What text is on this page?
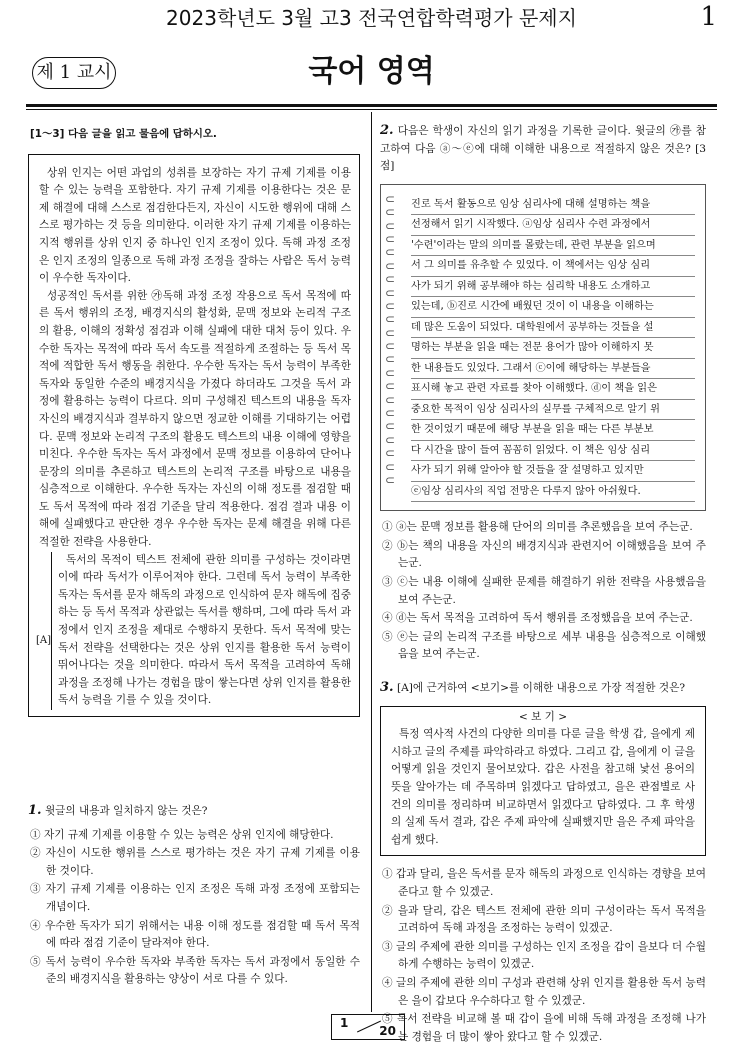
2023학년도 3월 고3 전국연합학력평가 문제지	1
제 1 교시	국어 영역
[1～3] 다음 글을 읽고 물음에 답하시오.

상위 인지는 어떤 과업의 성취를 보장하는 자기 규제 기제를 이용할 수 있는 능력을 포함한다. 자기 규제 기제를 이용한다는 것은 문제 해결에 대해 스스로 점검한다든지, 자신이 시도한 행위에 대해 스스로 평가하는 것 등을 의미한다. 이러한 자기 규제 기제를 이용하는 지적 행위를 상위 인지 중 하나인 인지 조정이 있다. 독해 과정 조정은 인지 조정의 일종으로 독해 과정 조정을 잘하는 사람은 독서 능력이 우수한 독자이다.

성공적인 독서를 위한 ㉮독해 과정 조정 작용으로 독서 목적에 따른 독서 행위의 조정, 배경지식의 활성화, 문맥 정보와 논리적 구조의 활용, 이해의 정확성 점검과 이해 실패에 대한 대처 등이 있다. 우수한 독자는 목적에 따라 독서 속도를 적절하게 조절하는 등 독서 목적에 적합한 독서 행동을 취한다. 우수한 독자는 독서 능력이 부족한 독자와 동일한 수준의 배경지식을 가졌다 하더라도 그것을 독서 과정에 활용하는 능력이 다르다. 의미 구성해진 텍스트의 내용을 독자 자신의 배경지식과 결부하지 않으면 정교한 이해를 기대하기는 어렵다. 문맥 정보와 논리적 구조의 활용도 텍스트의 내용 이해에 영향을 미친다. 우수한 독자는 독서 과정에서 문맥 정보를 이용하여 단어나 문장의 의미를 추론하고 텍스트의 논리적 구조를 바탕으로 내용을 심층적으로 이해한다. 우수한 독자는 자신의 이해 정도를 점검할 때도 독서 목적에 따라 점검 기준을 달리 적용한다. 점검 결과 내용 이해에 실패했다고 판단한 경우 우수한 독자는 문제 해결을 위해 다른 적절한 전략을 사용한다.

[A]

독서의 목적이 텍스트 전체에 관한 의미를 구성하는 것이라면 이에 따라 독서가 이루어져야 한다. 그런데 독서 능력이 부족한 독자는 독서를 문자 해독의 과정으로 인식하여 문자 해독에 집중하는 등 독서 목적과 상관없는 독서를 행하며, 그에 따라 독서 과정에서 인지 조정을 제대로 수행하지 못한다. 독서 목적에 맞는 독서 전략을 선택한다는 것은 상위 인지를 활용한 독서 능력이 뛰어나다는 것을 의미한다. 따라서 독서 목적을 고려하여 독해 과정을 조정해 나가는 경험을 많이 쌓는다면 상위 인지를 활용한 독서 능력을 기를 수 있을 것이다.

1. 윗글의 내용과 일치하지 않는 것은?

① 자기 규제 기제를 이용할 수 있는 능력은 상위 인지에 해당한다.

② 자신이 시도한 행위를 스스로 평가하는 것은 자기 규제 기제를 이용한 것이다.

③ 자기 규제 기제를 이용하는 인지 조정은 독해 과정 조정에 포함되는 개념이다.

④ 우수한 독자가 되기 위해서는 내용 이해 정도를 점검할 때 독서 목적에 따라 점검 기준이 달라져야 한다.

⑤ 독서 능력이 우수한 독자와 부족한 독자는 독서 과정에서 동일한 수준의 배경지식을 활용하는 양상이 서로 다를 수 있다.

2. 다음은 학생이 자신의 읽기 과정을 기록한 글이다. 윗글의 ㉮를 참고하여 다음 ⓐ～ⓔ에 대해 이해한 내용으로 적절하지 않은 것은? [3점]

⊂
⊂
⊂
⊂
⊂
⊂
⊂
⊂
⊂
⊂
⊂
⊂
⊂
⊂
⊂
⊂
⊂
⊂
⊂
⊂
⊂
⊂
진로 독서 활동으로 임상 심리사에 대해 설명하는 책을
선정해서 읽기 시작했다. ⓐ임상 심리사 수련 과정에서
'수련'이라는 말의 의미를 몰랐는데, 관련 부분을 읽으며
서 그 의미를 유추할 수 있었다. 이 책에서는 임상 심리
사가 되기 위해 공부해야 하는 심리학 내용도 소개하고
있는데, ⓑ진로 시간에 배웠던 것이 이 내용을 이해하는
데 많은 도움이 되었다. 대학원에서 공부하는 것들을 설
명하는 부분을 읽을 때는 전문 용어가 많아 이해하지 못
한 내용들도 있었다. 그래서 ⓒ이에 해당하는 부분들을
표시해 놓고 관련 자료를 찾아 이해했다. ⓓ이 책을 읽은
중요한 목적이 임상 심리사의 실무를 구체적으로 알기 위
한 것이었기 때문에 해당 부분을 읽을 때는 다른 부분보
다 시간을 많이 들여 꼼꼼히 읽었다. 이 책은 임상 심리
사가 되기 위해 알아야 할 것들을 잘 설명하고 있지만
ⓔ임상 심리사의 직업 전망은 다루지 않아 아쉬웠다.

① ⓐ는 문맥 정보를 활용해 단어의 의미를 추론했음을 보여 주는군.

② ⓑ는 책의 내용을 자신의 배경지식과 관련지어 이해했음을 보여 주는군.

③ ⓒ는 내용 이해에 실패한 문제를 해결하기 위한 전략을 사용했음을 보여 주는군.

④ ⓓ는 독서 목적을 고려하여 독서 행위를 조정했음을 보여 주는군.

⑤ ⓔ는 글의 논리적 구조를 바탕으로 세부 내용을 심층적으로 이해했음을 보여 주는군.

3. [A]에 근거하여 <보기>를 이해한 내용으로 가장 적절한 것은?

< 보 기 >
특정 역사적 사건의 다양한 의미를 다룬 글을 학생 갑, 을에게 제시하고 글의 주제를 파악하라고 하였다. 그리고 갑, 을에게 이 글을 어떻게 읽을 것인지 물어보았다. 갑은 사전을 참고해 낯선 용어의 뜻을 알아가는 데 주목하며 읽겠다고 답하였고, 을은 관점별로 사건의 의미를 정리하며 비교하면서 읽겠다고 답하였다. 그 후 학생의 실제 독서 결과, 갑은 주제 파악에 실패했지만 을은 주제 파악을 쉽게 했다.

① 갑과 달리, 을은 독서를 문자 해독의 과정으로 인식하는 경향을 보여 준다고 할 수 있겠군.

② 을과 달리, 갑은 텍스트 전체에 관한 의미 구성이라는 독서 목적을 고려하여 독해 과정을 조정하는 능력이 있겠군.

③ 글의 주제에 관한 의미를 구성하는 인지 조정을 갑이 을보다 더 수월하게 수행하는 능력이 있겠군.

④ 글의 주제에 관한 의미 구성과 관련해 상위 인지를 활용한 독서 능력은 을이 갑보다 우수하다고 할 수 있겠군.

⑤ 독서 전략을 비교해 볼 때 갑이 을에 비해 독해 과정을 조정해 나가는 경험을 더 많이 쌓아 왔다고 할 수 있겠군.

1
20
